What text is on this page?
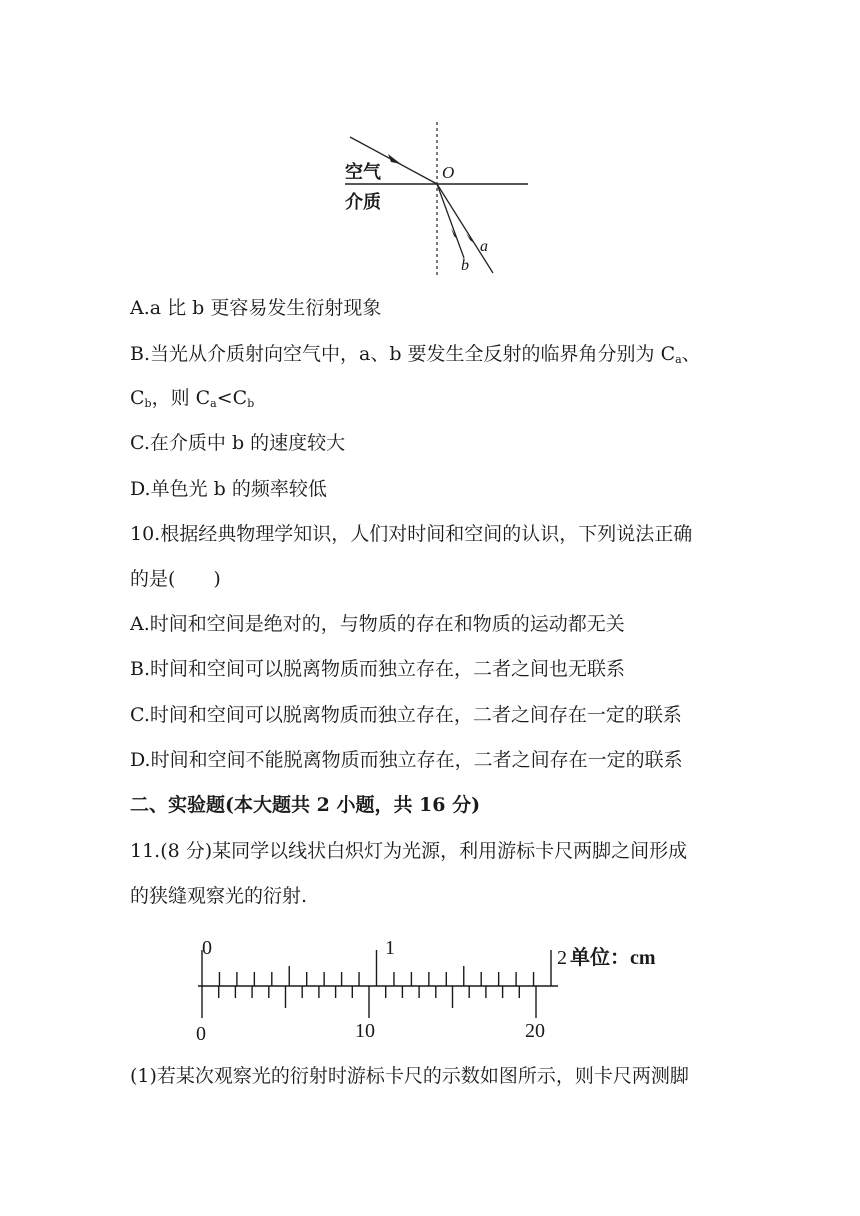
空气
介质
O
a
b
A.a 比 b 更容易发生衍射现象
B.当光从介质射向空气中，a、b 要发生全反射的临界角分别为 $C_a$、
$C_b$，则 $C_a<C_b$
C.在介质中 b 的速度较大
D.单色光 b 的频率较低
10.根据经典物理学知识，人们对时间和空间的认识，下列说法正确
的是(　　)
A.时间和空间是绝对的，与物质的存在和物质的运动都无关
B.时间和空间可以脱离物质而独立存在，二者之间也无联系
C.时间和空间可以脱离物质而独立存在，二者之间存在一定的联系
D.时间和空间不能脱离物质而独立存在，二者之间存在一定的联系
二、实验题(本大题共 2 小题，共 16 分)
11.(8 分)某同学以线状白炽灯为光源，利用游标卡尺两脚之间形成
的狭缝观察光的衍射.
0	1	2 单位：cm
0	10	20
(1)若某次观察光的衍射时游标卡尺的示数如图所示，则卡尺两测脚
